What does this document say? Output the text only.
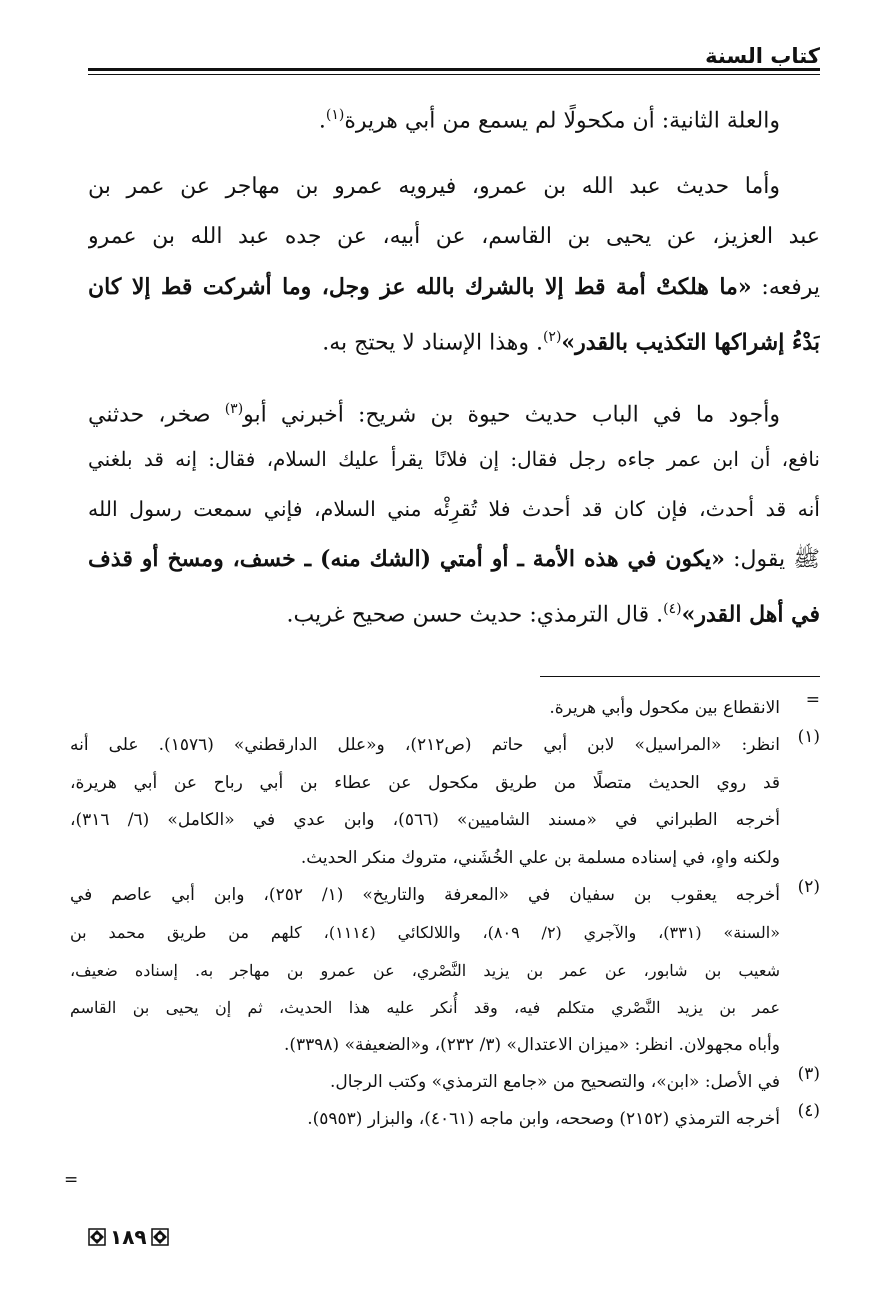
كتاب السنة
والعلة الثانية: أن مكحولًا لم يسمع من أبي هريرة$^{(١)}$.
وأما حديث عبد الله بن عمرو، فيرويه عمرو بن مهاجر عن عمر بن
عبد العزيز، عن يحيى بن القاسم، عن أبيه، عن جده عبد الله بن عمرو
يرفعه: «ما هلكتْ أمة قط إلا بالشرك بالله عز وجل، وما أشركت قط إلا كان
بَدْءُ إشراكها التكذيب بالقدر»$^{(٢)}$. وهذا الإسناد لا يحتج به.
وأجود ما في الباب حديث حيوة بن شريح: أخبرني أبو$^{(٣)}$ صخر، حدثني
نافع، أن ابن عمر جاءه رجل فقال: إن فلانًا يقرأ عليك السلام، فقال: إنه قد بلغني
أنه قد أحدث، فإن كان قد أحدث فلا تُقرِئْه مني السلام، فإني سمعت رسول الله
ﷺ يقول: «يكون في هذه الأمة ـ أو أمتي (الشك منه) ـ خسف، ومسخ أو قذف
في أهل القدر»$^{(٤)}$. قال الترمذي: حديث حسن صحيح غريب.
=
الانقطاع بين مكحول وأبي هريرة.
(١)
انظر: «المراسيل» لابن أبي حاتم (ص٢١٢)، و«علل الدارقطني» (١٥٧٦). على أنه
قد روي الحديث متصلًا من طريق مكحول عن عطاء بن أبي رباح عن أبي هريرة،
أخرجه الطبراني في «مسند الشاميين» (٥٦٦)، وابن عدي في «الكامل» (٦/ ٣١٦)،
ولكنه واهٍ، في إسناده مسلمة بن علي الخُشَني، متروك منكر الحديث.
(٢)
أخرجه يعقوب بن سفيان في «المعرفة والتاريخ» (١/ ٢٥٢)، وابن أبي عاصم في
«السنة» (٣٣١)، والآجري (٢/ ٨٠٩)، واللالكائي (١١١٤)، كلهم من طريق محمد بن
شعيب بن شابور، عن عمر بن يزيد النَّصْري، عن عمرو بن مهاجر به. إسناده ضعيف،
عمر بن يزيد النَّصْري متكلم فيه، وقد أُنكر عليه هذا الحديث، ثم إن يحيى بن القاسم
وأباه مجهولان. انظر: «ميزان الاعتدال» (٣/ ٢٣٢)، و«الضعيفة» (٣٣٩٨).
(٣)
في الأصل: «ابن»، والتصحيح من «جامع الترمذي» وكتب الرجال.
(٤)
أخرجه الترمذي (٢١٥٢) وصححه، وابن ماجه (٤٠٦١)، والبزار (٥٩٥٣).
=
١٨٩
